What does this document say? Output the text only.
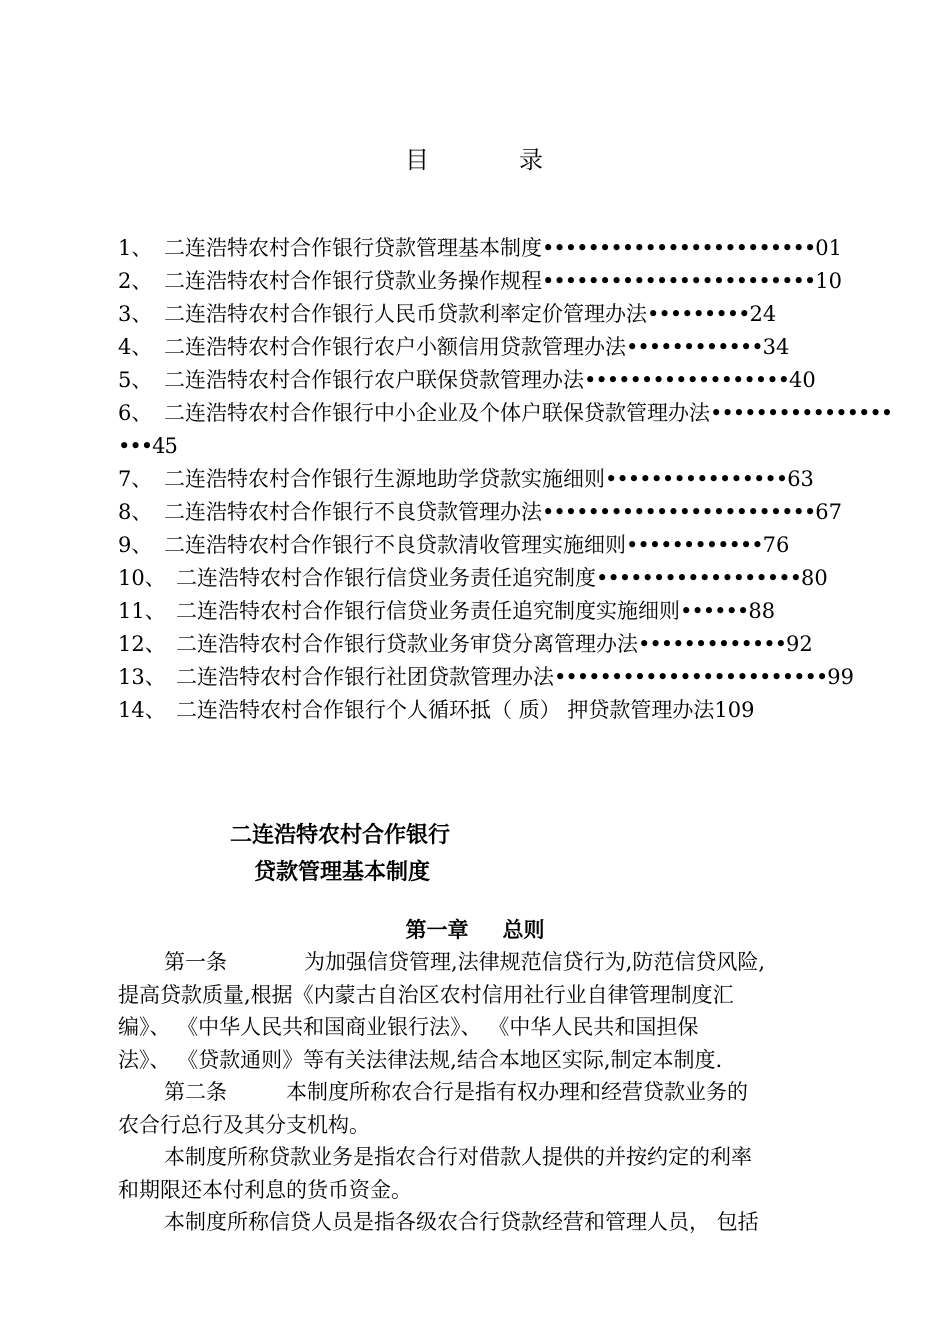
目	录
1、 二连浩特农村合作银行贷款管理基本制度••••••••••••••••••••••••01
2、 二连浩特农村合作银行贷款业务操作规程••••••••••••••••••••••••10
3、 二连浩特农村合作银行人民币贷款利率定价管理办法•••••••••24
4、 二连浩特农村合作银行农户小额信用贷款管理办法••••••••••••34
5、 二连浩特农村合作银行农户联保贷款管理办法••••••••••••••••••40
6、 二连浩特农村合作银行中小企业及个体户联保贷款管理办法••••••••••••••••
•••45
7、 二连浩特农村合作银行生源地助学贷款实施细则••••••••••••••••63
8、 二连浩特农村合作银行不良贷款管理办法••••••••••••••••••••••••67
9、 二连浩特农村合作银行不良贷款清收管理实施细则••••••••••••76
10、 二连浩特农村合作银行信贷业务责任追究制度••••••••••••••••••80
11、 二连浩特农村合作银行信贷业务责任追究制度实施细则••••••88
12、 二连浩特农村合作银行贷款业务审贷分离管理办法•••••••••••••92
13、 二连浩特农村合作银行社团贷款管理办法••••••••••••••••••••••••99
14、 二连浩特农村合作银行个人循环抵（ 质） 押贷款管理办法109
二连浩特农村合作银行
贷款管理基本制度
第一章 总则

第一条	为加强信贷管理,法律规范信贷行为,防范信贷风险,

提高贷款质量,根据《内蒙古自治区农村信用社行业自律管理制度汇

编》、 《中华人民共和国商业银行法》、 《中华人民共和国担保

法》、 《贷款通则》等有关法律法规,结合本地区实际,制定本制度.

第二条	本制度所称农合行是指有权办理和经营贷款业务的

农合行总行及其分支机构。

本制度所称贷款业务是指农合行对借款人提供的并按约定的利率

和期限还本付利息的货币资金。

本制度所称信贷人员是指各级农合行贷款经营和管理人员， 包括
